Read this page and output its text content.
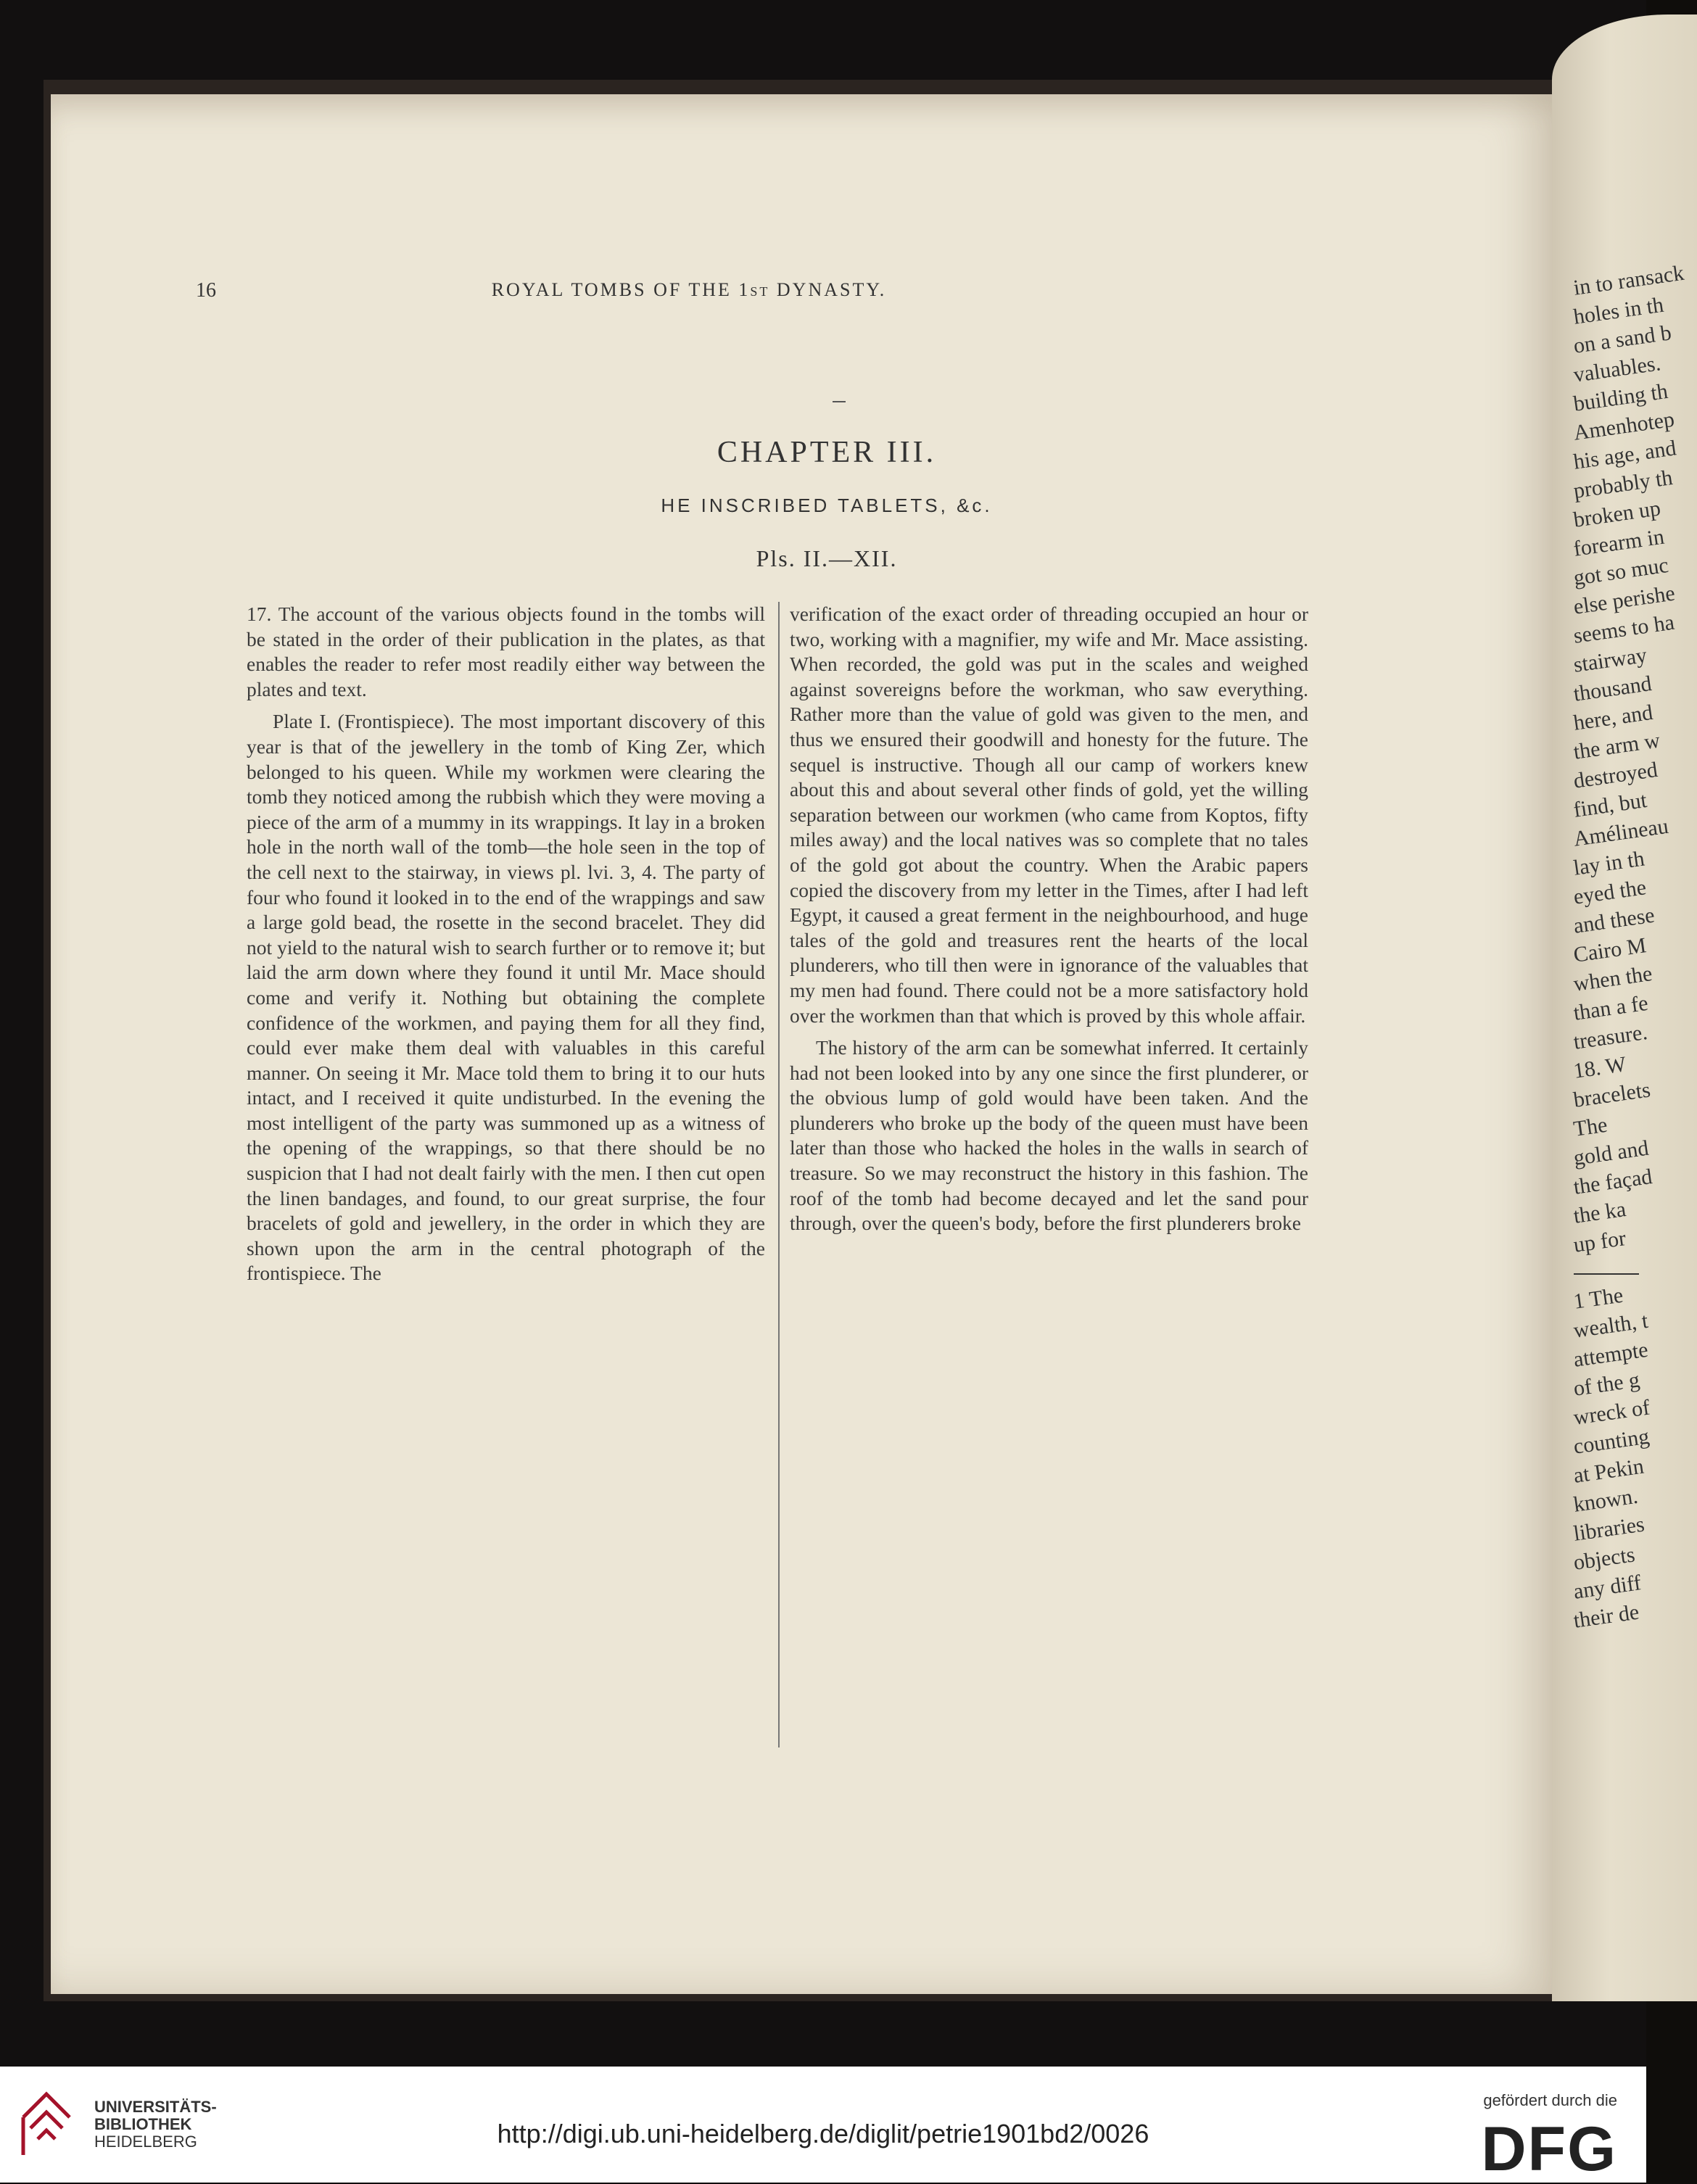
in to ransack
holes in th
on a sand b
valuables.
building th
Amenhotep
his age, and
probably th
broken up
forearm in
got so muc
else perishe
seems to ha
stairway
thousand
here, and
the arm w
destroyed
find, but
Amélineau
lay in th
eyed the
and these
Cairo M
when the
than a fe
treasure.
18. W
bracelets
The
gold and
the façad
the ka
up for
1 The
wealth, t
attempte
of the g
wreck of
counting
at Pekin
known.
libraries
objects
any diff
their de
16	ROYAL TOMBS OF THE 1ST DYNASTY.
CHAPTER III.
HE INSCRIBED TABLETS, &c.
Pls. II.—XII.

17. The account of the various objects found in the tombs will be stated in the order of their publication in the plates, as that enables the reader to refer most readily either way between the plates and text.

Plate I. (Frontispiece). The most important discovery of this year is that of the jewellery in the tomb of King Zer, which belonged to his queen. While my workmen were clearing the tomb they noticed among the rubbish which they were moving a piece of the arm of a mummy in its wrappings. It lay in a broken hole in the north wall of the tomb—the hole seen in the top of the cell next to the stairway, in views pl. lvi. 3, 4. The party of four who found it looked in to the end of the wrappings and saw a large gold bead, the rosette in the second bracelet. They did not yield to the natural wish to search further or to remove it; but laid the arm down where they found it until Mr. Mace should come and verify it. Nothing but obtaining the complete confidence of the workmen, and paying them for all they find, could ever make them deal with valuables in this careful manner. On seeing it Mr. Mace told them to bring it to our huts intact, and I received it quite undisturbed. In the evening the most intelligent of the party was summoned up as a witness of the opening of the wrappings, so that there should be no suspicion that I had not dealt fairly with the men. I then cut open the linen bandages, and found, to our great surprise, the four bracelets of gold and jewellery, in the order in which they are shown upon the arm in the central photograph of the frontispiece. The

verification of the exact order of threading occupied an hour or two, working with a magnifier, my wife and Mr. Mace assisting. When recorded, the gold was put in the scales and weighed against sovereigns before the workman, who saw everything. Rather more than the value of gold was given to the men, and thus we ensured their goodwill and honesty for the future. The sequel is instructive. Though all our camp of workers knew about this and about several other finds of gold, yet the willing separation between our workmen (who came from Koptos, fifty miles away) and the local natives was so complete that no tales of the gold got about the country. When the Arabic papers copied the discovery from my letter in the Times, after I had left Egypt, it caused a great ferment in the neighbourhood, and huge tales of the gold and treasures rent the hearts of the local plunderers, who till then were in ignorance of the valuables that my men had found. There could not be a more satisfactory hold over the workmen than that which is proved by this whole affair.

The history of the arm can be somewhat inferred. It certainly had not been looked into by any one since the first plunderer, or the obvious lump of gold would have been taken. And the plunderers who broke up the body of the queen must have been later than those who hacked the holes in the walls in search of treasure. So we may reconstruct the history in this fashion. The roof of the tomb had become decayed and let the sand pour through, over the queen's body, before the first plunderers broke

UNIVERSITÄTS-
BIBLIOTHEK
HEIDELBERG	http://digi.ub.uni-heidelberg.de/diglit/petrie1901bd2/0026
gefördert durch die
DFG
